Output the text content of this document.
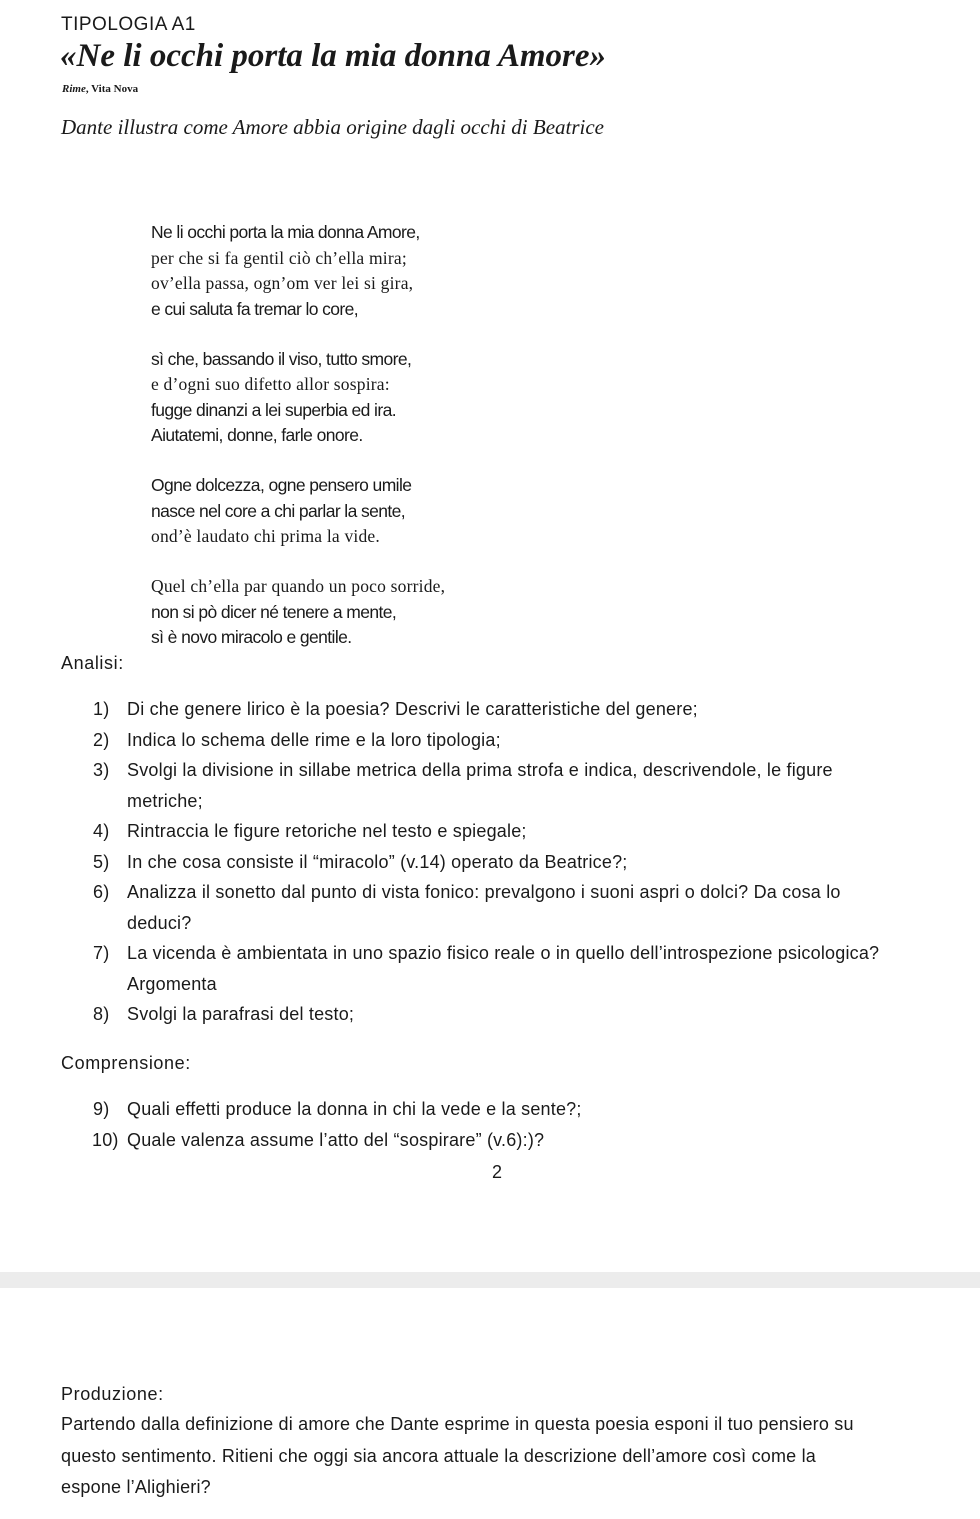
TIPOLOGIA A1

«Ne li occhi porta la mia donna Amore»

Rime, Vita Nova

Dante illustra come Amore abbia origine dagli occhi di Beatrice

Ne li occhi porta la mia donna Amore,
per che si fa gentil ciò ch’ella mira;
ov’ella passa, ogn’om ver lei si gira,
e cui saluta fa tremar lo core,
sì che, bassando il viso, tutto smore,
e d’ogni suo difetto allor sospira:
fugge dinanzi a lei superbia ed ira.
Aiutatemi, donne, farle onore.
Ogne dolcezza, ogne pensero umile
nasce nel core a chi parlar la sente,
ond’è laudato chi prima la vide.
Quel ch’ella par quando un poco sorride,
non si pò dicer né tenere a mente,
sì è novo miracolo e gentile.

Analisi:

1) Di che genere lirico è la poesia? Descrivi le caratteristiche del genere;
2) Indica lo schema delle rime e la loro tipologia;
3) Svolgi la divisione in sillabe metrica della prima strofa e indica, descrivendole, le figure
metriche;
4) Rintraccia le figure retoriche nel testo e spiegale;
5) In che cosa consiste il “miracolo” (v.14) operato da Beatrice?;
6) Analizza il sonetto dal punto di vista fonico: prevalgono i suoni aspri o dolci? Da cosa lo
deduci?
7) La vicenda è ambientata in uno spazio fisico reale o in quello dell’introspezione psicologica?
Argomenta
8) Svolgi la parafrasi del testo;

Comprensione:

9) Quali effetti produce la donna in chi la vede e la sente?;
10) Quale valenza assume l’atto del “sospirare” (v.6):)?

2

Produzione:

Partendo dalla definizione di amore che Dante esprime in questa poesia esponi il tuo pensiero su
questo sentimento. Ritieni che oggi sia ancora attuale la descrizione dell’amore così come la
espone l’Alighieri?
